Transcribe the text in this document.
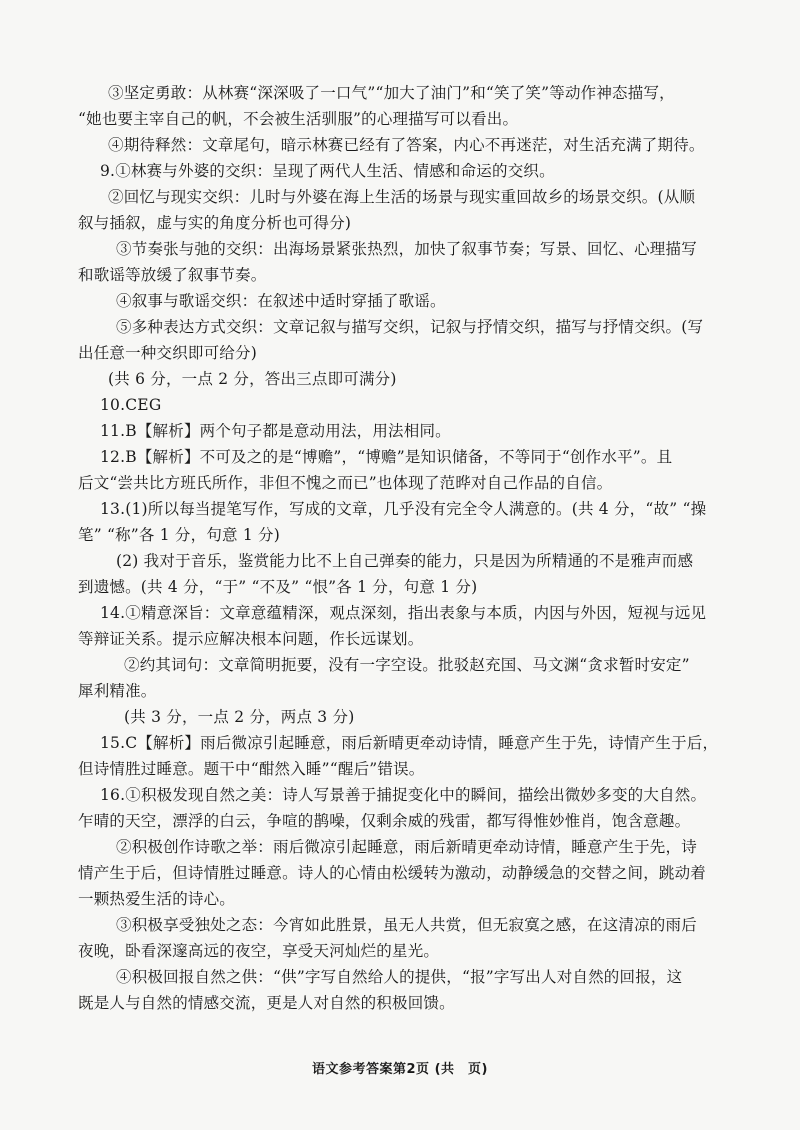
③坚定勇敢：从林赛“深深吸了一口气”“加大了油门”和“笑了笑”等动作神态描写，
“她也要主宰自己的帆，不会被生活驯服”的心理描写可以看出。
④期待释然：文章尾句，暗示林赛已经有了答案，内心不再迷茫，对生活充满了期待。
9.①林赛与外婆的交织：呈现了两代人生活、情感和命运的交织。
②回忆与现实交织：儿时与外婆在海上生活的场景与现实重回故乡的场景交织。(从顺
叙与插叙，虚与实的角度分析也可得分)
③节奏张与弛的交织：出海场景紧张热烈，加快了叙事节奏；写景、回忆、心理描写
和歌谣等放缓了叙事节奏。
④叙事与歌谣交织：在叙述中适时穿插了歌谣。
⑤多种表达方式交织：文章记叙与描写交织，记叙与抒情交织，描写与抒情交织。(写
出任意一种交织即可给分)
(共 6 分，一点 2 分，答出三点即可满分)
10.CEG
11.B【解析】两个句子都是意动用法，用法相同。
12.B【解析】不可及之的是“博赡”，“博赡”是知识储备，不等同于“创作水平”。且
后文“尝共比方班氏所作，非但不愧之而已”也体现了范晔对自己作品的自信。
13.(1)所以每当提笔写作，写成的文章，几乎没有完全令人满意的。(共 4 分，“故” “操
笔” “称”各 1 分，句意 1 分)
(2) 我对于音乐，鉴赏能力比不上自己弹奏的能力，只是因为所精通的不是雅声而感
到遗憾。(共 4 分，“于” “不及” “恨”各 1 分，句意 1 分)
14.①精意深旨：文章意蕴精深，观点深刻，指出表象与本质，内因与外因，短视与远见
等辩证关系。提示应解决根本问题，作长远谋划。
②约其词句：文章简明扼要，没有一字空设。批驳赵充国、马文渊“贪求暂时安定”
犀利精准。
(共 3 分，一点 2 分，两点 3 分)
15.C【解析】雨后微凉引起睡意，雨后新晴更牵动诗情，睡意产生于先，诗情产生于后，
但诗情胜过睡意。题干中“酣然入睡”“醒后”错误。
16.①积极发现自然之美：诗人写景善于捕捉变化中的瞬间，描绘出微妙多变的大自然。
乍晴的天空，漂浮的白云，争喧的鹊噪，仅剩余威的残雷，都写得惟妙惟肖，饱含意趣。
②积极创作诗歌之举：雨后微凉引起睡意，雨后新晴更牵动诗情，睡意产生于先，诗
情产生于后，但诗情胜过睡意。诗人的心情由松缓转为激动，动静缓急的交替之间，跳动着
一颗热爱生活的诗心。
③积极享受独处之态：今宵如此胜景，虽无人共赏，但无寂寞之感，在这清凉的雨后
夜晚，卧看深邃高远的夜空，享受天河灿烂的星光。
④积极回报自然之供：“供”字写自然给人的提供，“报”字写出人对自然的回报，这
既是人与自然的情感交流，更是人对自然的积极回馈。
语文参考答案第2页 (共　页)
